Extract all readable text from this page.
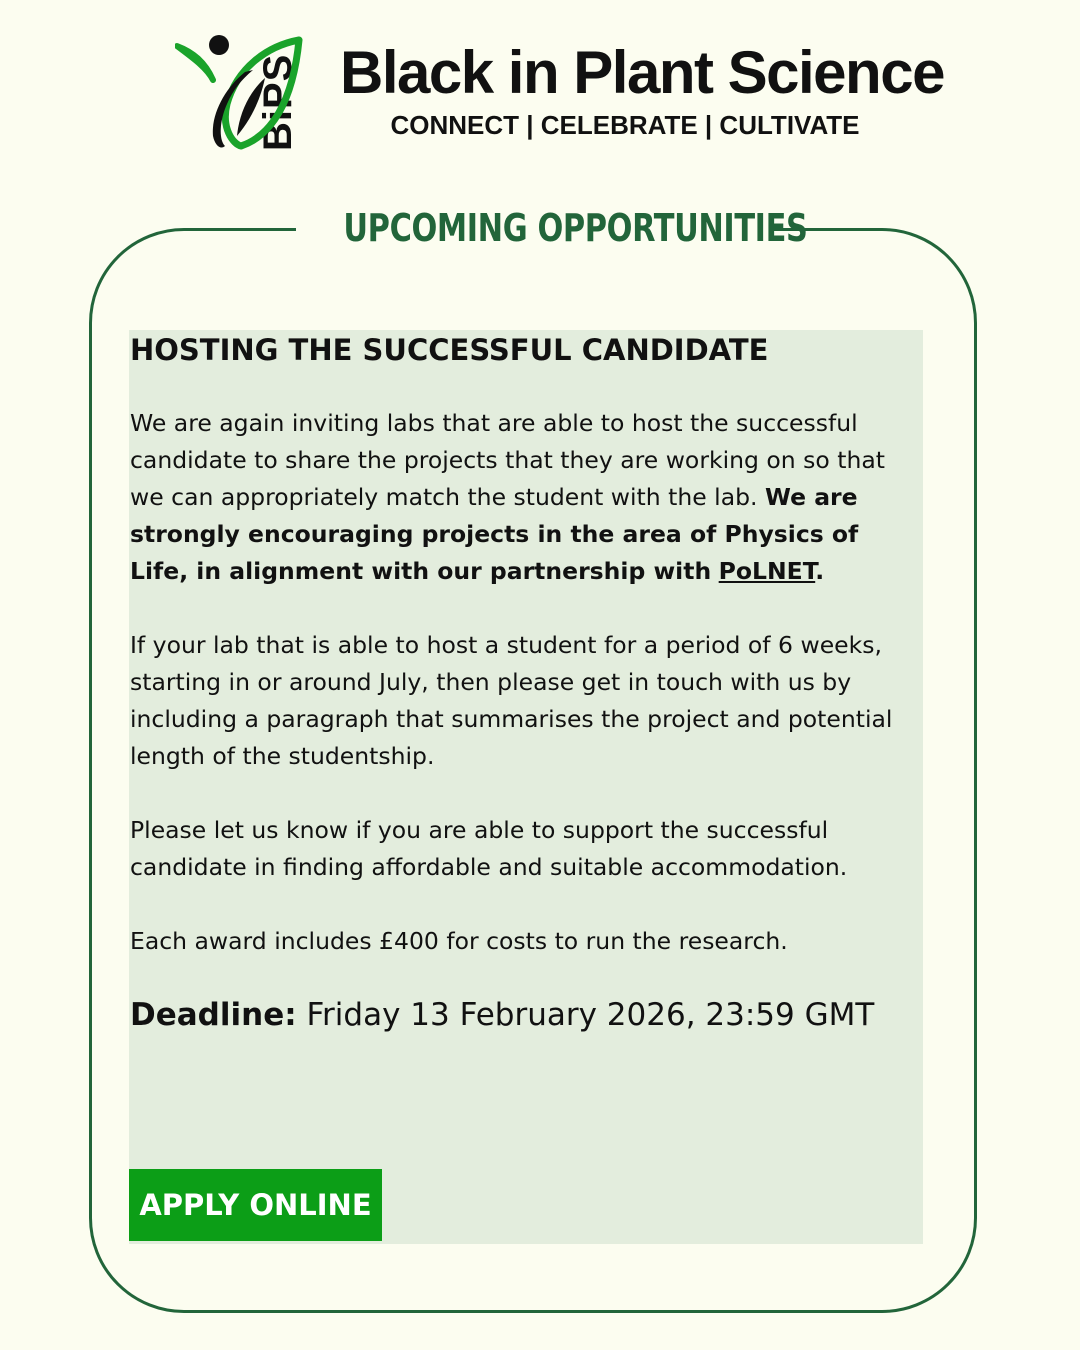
BiPS Black in Plant Science
CONNECT | CELEBRATE | CULTIVATE
UPCOMING OPPORTUNITIES
HOSTING THE SUCCESSFUL CANDIDATE
We are again inviting labs that are able to host the successful candidate to share the projects that they are working on so that we can appropriately match the student with the lab. We are strongly encouraging projects in the area of Physics of Life, in alignment with our partnership with PoLNET.
If your lab that is able to host a student for a period of 6 weeks, starting in or around July, then please get in touch with us by including a paragraph that summarises the project and potential length of the studentship.
Please let us know if you are able to support the successful candidate in finding affordable and suitable accommodation.
Each award includes £400 for costs to run the research.
Deadline: Friday 13 February 2026, 23:59 GMT
APPLY ONLINE
